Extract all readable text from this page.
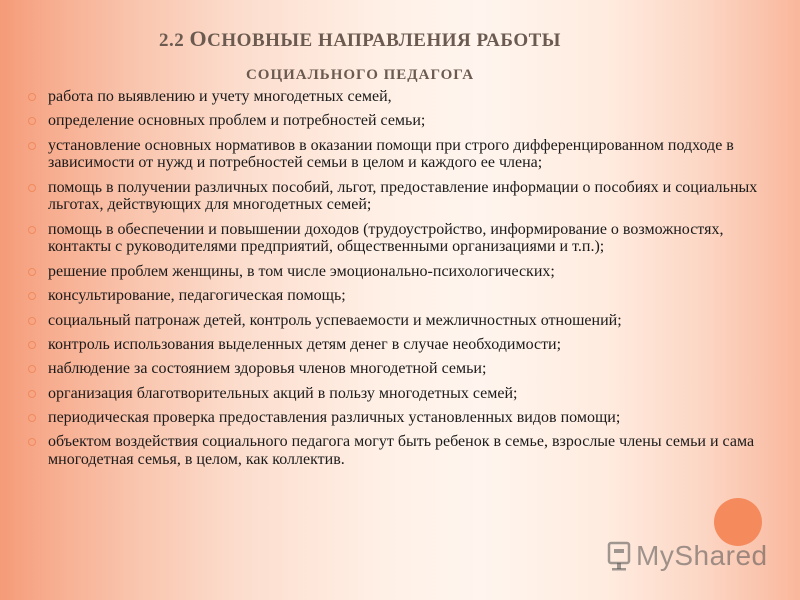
2.2 ОСНОВНЫЕ НАПРАВЛЕНИЯ РАБОТЫ
СОЦИАЛЬНОГО ПЕДАГОГА
работа по выявлению и учету многодетных семей,
определение основных проблем и потребностей семьи;
установление основных нормативов в оказании помощи при строго дифференцированном подходе в зависимости от нужд и потребностей семьи в целом и каждого ее члена;
помощь в получении различных пособий, льгот, предоставление информации о пособиях и социальных льготах, действующих для многодетных семей;
помощь в обеспечении и повышении доходов (трудоустройство, информирование о возможностях, контакты с руководителями предприятий, общественными организациями и т.п.);
решение проблем женщины, в том числе эмоционально-психологических;
консультирование, педагогическая помощь;
социальный патронаж детей, контроль успеваемости и межличностных отношений;
контроль использования выделенных детям денег в случае необходимости;
наблюдение за состоянием здоровья членов многодетной семьи;
организация благотворительных акций в пользу многодетных семей;
периодическая проверка предоставления различных установленных видов помощи;
объектом воздействия социального педагога могут быть ребенок в семье, взрослые члены семьи и сама многодетная семья, в целом, как коллектив.
MyShared
